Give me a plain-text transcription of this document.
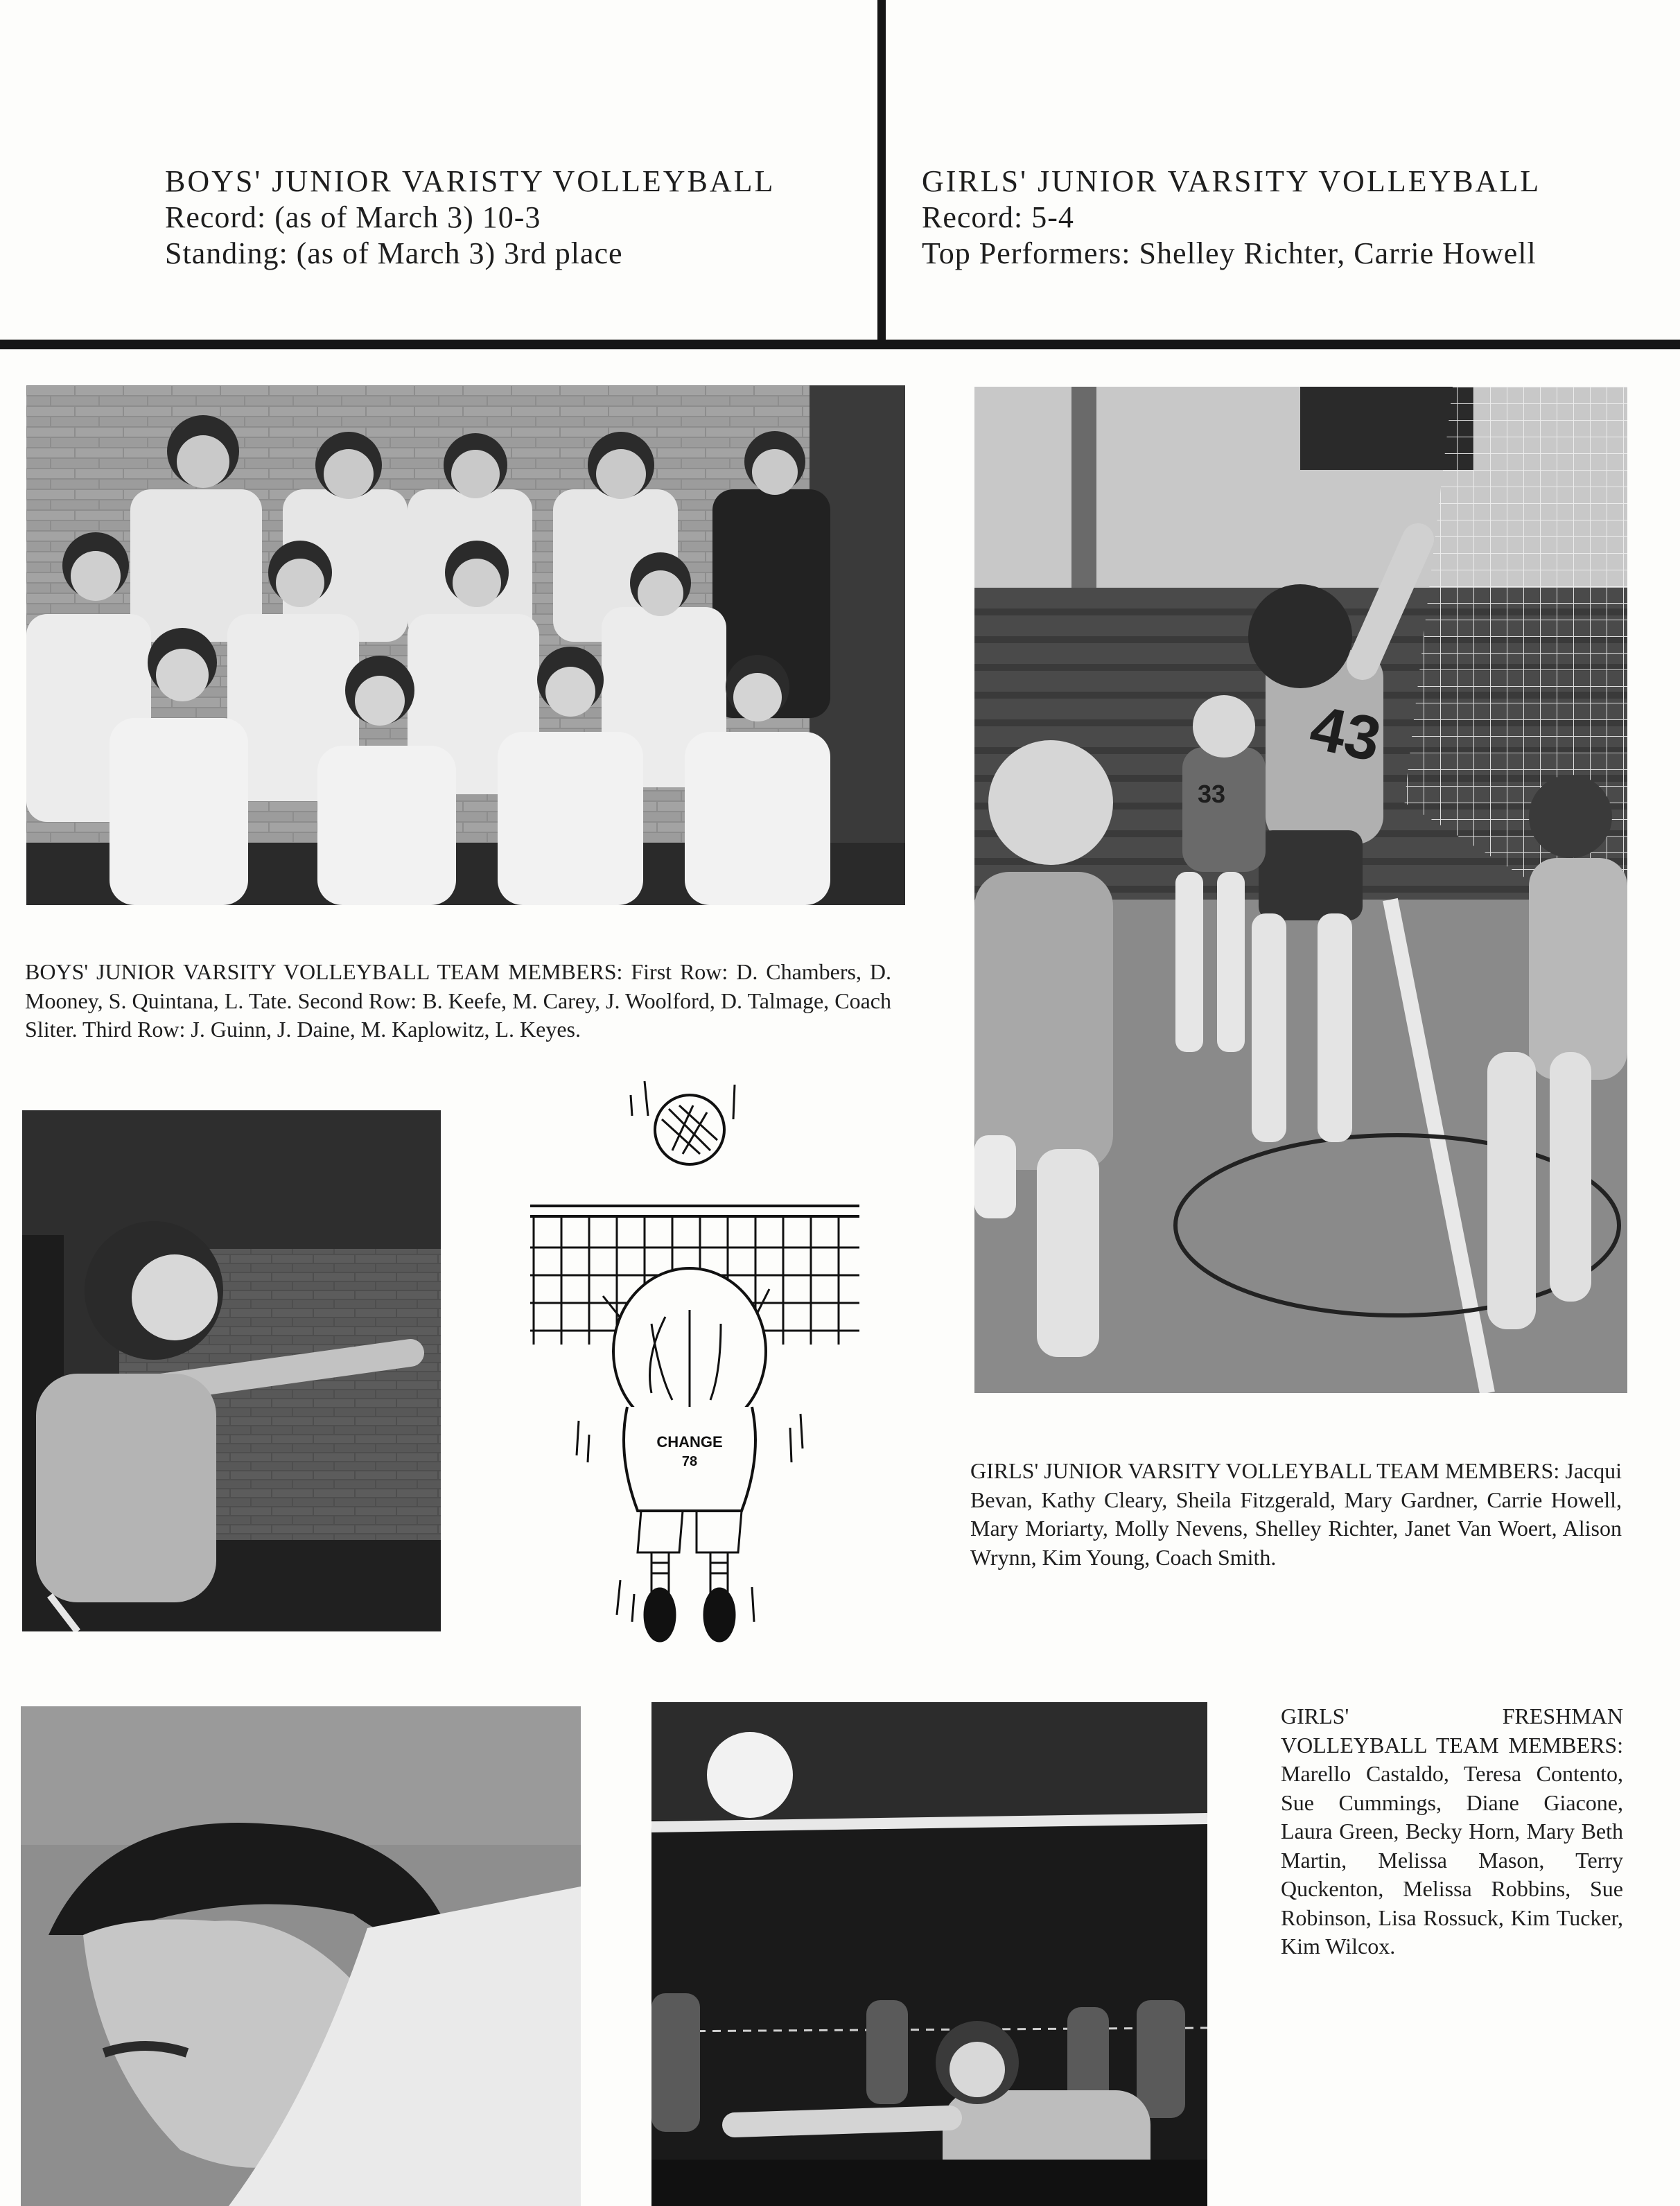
BOYS' JUNIOR VARISTY VOLLEYBALL
Record: (as of March 3) 10-3
Standing: (as of March 3) 3rd place
GIRLS' JUNIOR VARSITY VOLLEYBALL
Record: 5-4
Top Performers: Shelley Richter, Carrie Howell
BOYS' JUNIOR VARSITY VOLLEYBALL TEAM MEMBERS: First Row: D. Chambers, D. Mooney, S. Quintana, L. Tate. Second Row: B. Keefe, M. Carey, J. Woolford, D. Talmage, Coach Sliter. Third Row: J. Guinn, J. Daine, M. Kaplowitz, L. Keyes.
43
33
GIRLS' JUNIOR VARSITY VOLLEYBALL TEAM MEMBERS: Jacqui Bevan, Kathy Cleary, Sheila Fitzgerald, Mary Gardner, Carrie Howell, Mary Moriarty, Molly Nevens, Shelley Richter, Janet Van Woert, Alison Wrynn, Kim Young, Coach Smith.
CHANGE
78
GIRLS' FRESHMAN VOLLEYBALL TEAM MEMBERS: Marello Castaldo, Teresa Contento, Sue Cummings, Diane Giacone, Laura Green, Becky Horn, Mary Beth Martin, Melissa Mason, Terry Quckenton, Melissa Robbins, Sue Robinson, Lisa Rossuck, Kim Tucker, Kim Wilcox.
